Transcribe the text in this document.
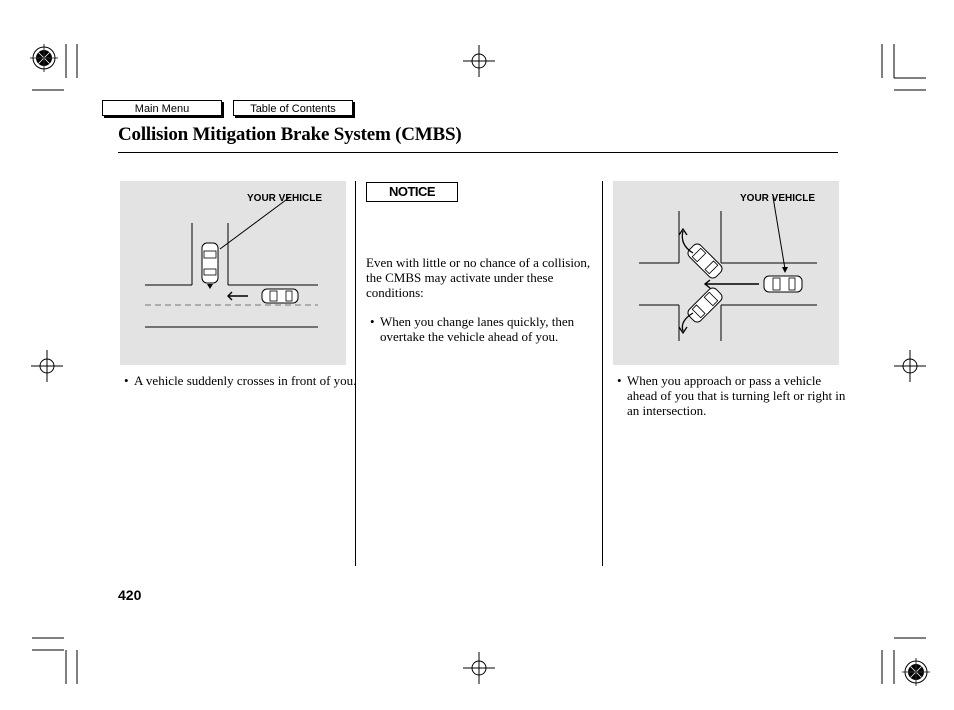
Main Menu	Table of Contents
Collision Mitigation Brake System (CMBS)
YOUR VEHICLE
• A vehicle suddenly crosses in front of you.
NOTICE
Even with little or no chance of a collision, the CMBS may activate under these conditions:
• When you change lanes quickly, then overtake the vehicle ahead of you.
YOUR VEHICLE
• When you approach or pass a vehicle ahead of you that is turning left or right in an intersection.
420
